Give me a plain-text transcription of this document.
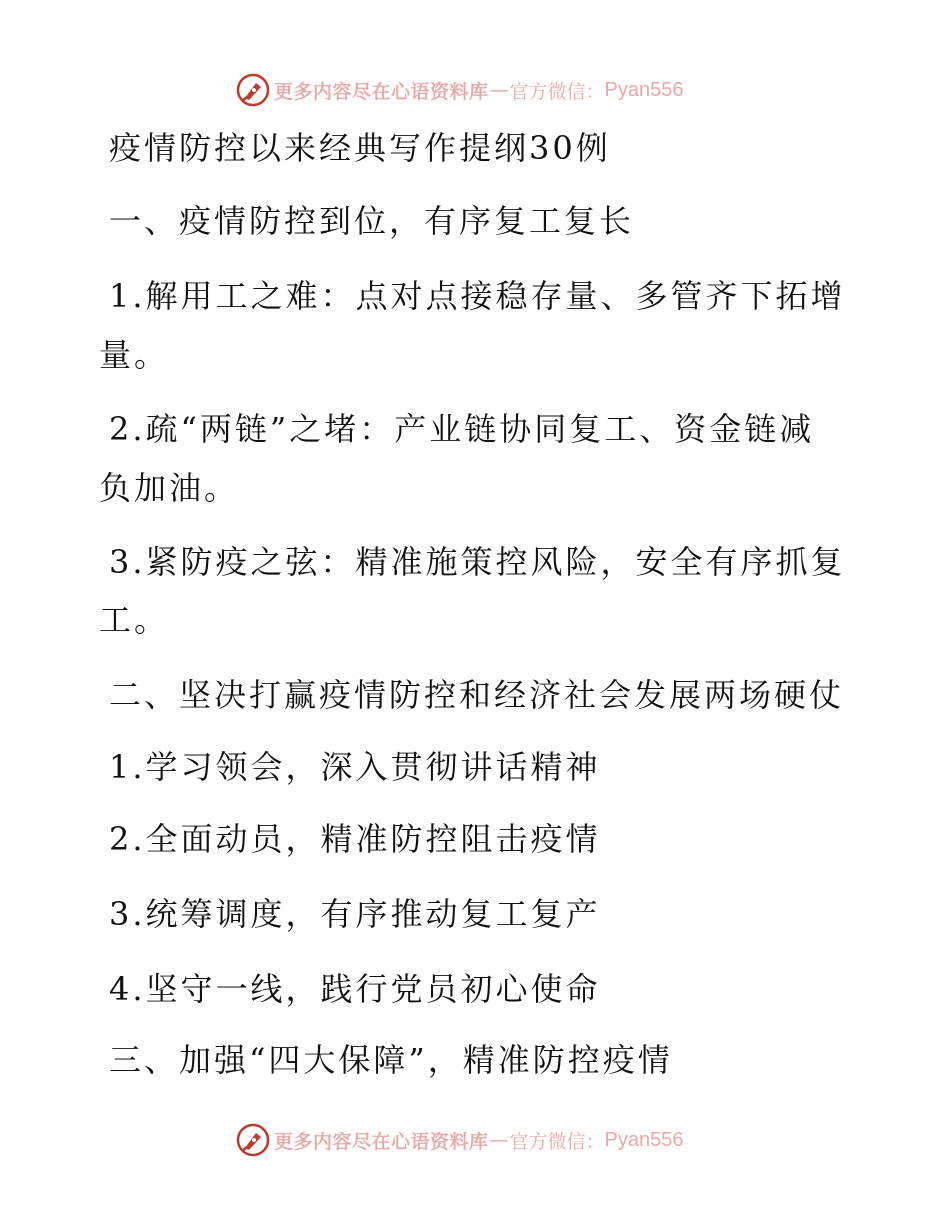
更多内容尽在心语资料库 — 官方微信： Pyan556
疫情防控以来经典写作提纲30例
一、疫情防控到位，有序复工复长
1.解用工之难：点对点接稳存量、多管齐下拓增
量。
2.疏“两链”之堵：产业链协同复工、资金链减
负加油。
3.紧防疫之弦：精准施策控风险，安全有序抓复
工。
二、坚决打赢疫情防控和经济社会发展两场硬仗
1.学习领会，深入贯彻讲话精神
2.全面动员，精准防控阻击疫情
3.统筹调度，有序推动复工复产
4.坚守一线，践行党员初心使命
三、加强“四大保障”，精准防控疫情
更多内容尽在心语资料库 — 官方微信： Pyan556
